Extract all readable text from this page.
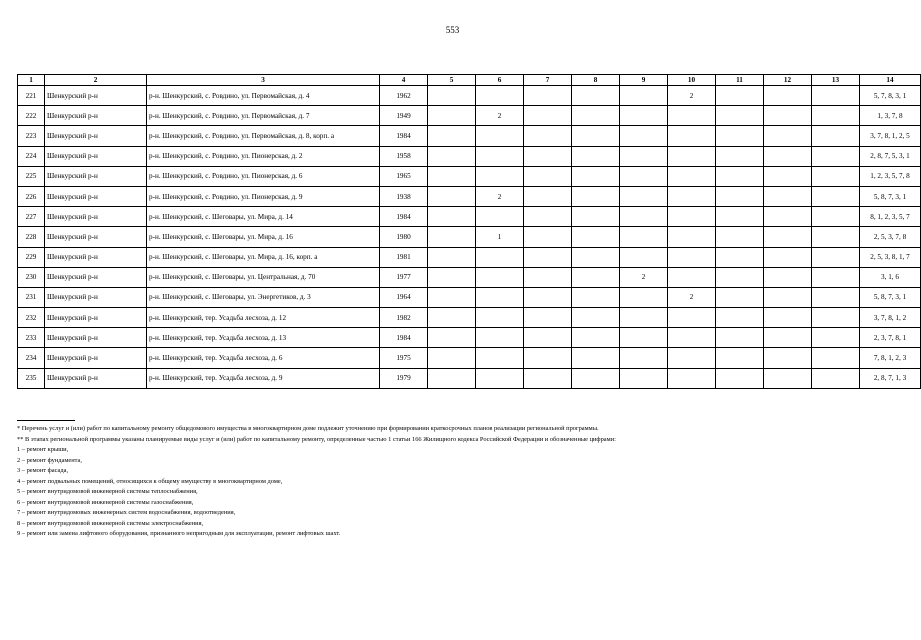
553
1	2	3	4	5	6	7	8	9	10	11	12	13	14
221	Шенкурский р-н	р-н. Шенкурский, с. Ровдино, ул. Первомайская, д. 4	1962						2				5, 7, 8, 3, 1
222	Шенкурский р-н	р-н. Шенкурский, с. Ровдино, ул. Первомайская, д. 7	1949		2								1, 3, 7, 8
223	Шенкурский р-н	р-н. Шенкурский, с. Ровдино, ул. Первомайская, д. 8, корп. а	1984										3, 7, 8, 1, 2, 5
224	Шенкурский р-н	р-н. Шенкурский, с. Ровдино, ул. Пионерская, д. 2	1958										2, 8, 7, 5, 3, 1
225	Шенкурский р-н	р-н. Шенкурский, с. Ровдино, ул. Пионерская, д. 6	1965										1, 2, 3, 5, 7, 8
226	Шенкурский р-н	р-н. Шенкурский, с. Ровдино, ул. Пионерская, д. 9	1938		2								5, 8, 7, 3, 1
227	Шенкурский р-н	р-н. Шенкурский, с. Шеговары, ул. Мира, д. 14	1984										8, 1, 2, 3, 5, 7
228	Шенкурский р-н	р-н. Шенкурский, с. Шеговары, ул. Мира, д. 16	1980		1								2, 5, 3, 7, 8
229	Шенкурский р-н	р-н. Шенкурский, с. Шеговары, ул. Мира, д. 16, корп. а	1981										2, 5, 3, 8, 1, 7
230	Шенкурский р-н	р-н. Шенкурский, с. Шеговары, ул. Центральная, д. 70	1977					2					3, 1, 6
231	Шенкурский р-н	р-н. Шенкурский, с. Шеговары, ул. Энергетиков, д. 3	1964						2				5, 8, 7, 3, 1
232	Шенкурский р-н	р-н. Шенкурский, тер. Усадьба лесхоза, д. 12	1982										3, 7, 8, 1, 2
233	Шенкурский р-н	р-н. Шенкурский, тер. Усадьба лесхоза, д. 13	1984										2, 3, 7, 8, 1
234	Шенкурский р-н	р-н. Шенкурский, тер. Усадьба лесхоза, д. 6	1975										7, 8, 1, 2, 3
235	Шенкурский р-н	р-н. Шенкурский, тер. Усадьба лесхоза, д. 9	1979										2, 8, 7, 1, 3
* Перечень услуг и (или) работ по капитальному ремонту общедомового имущества в многоквартирном доме подлежит уточнению при формировании краткосрочных планов реализации региональной программы.
** В этапах региональной программы указаны планируемые виды услуг и (или) работ по капитальному ремонту, определенные частью 1 статьи 166 Жилищного кодекса Российской Федерации и обозначенные цифрами:
1 – ремонт крыши,
2 – ремонт фундамента,
3 – ремонт фасада,
4 – ремонт подвальных помещений, относящихся к общему имуществу в многоквартирном доме,
5 – ремонт внутридомовой инженерной системы теплоснабжения,
6 – ремонт внутридомовой инженерной системы газоснабжения,
7 – ремонт внутридомовых инженерных систем водоснабжения, водоотведения,
8 – ремонт внутридомовой инженерной системы электроснабжения,
9 – ремонт или замена лифтового оборудования, признанного непригодным для эксплуатации, ремонт лифтовых шахт.
